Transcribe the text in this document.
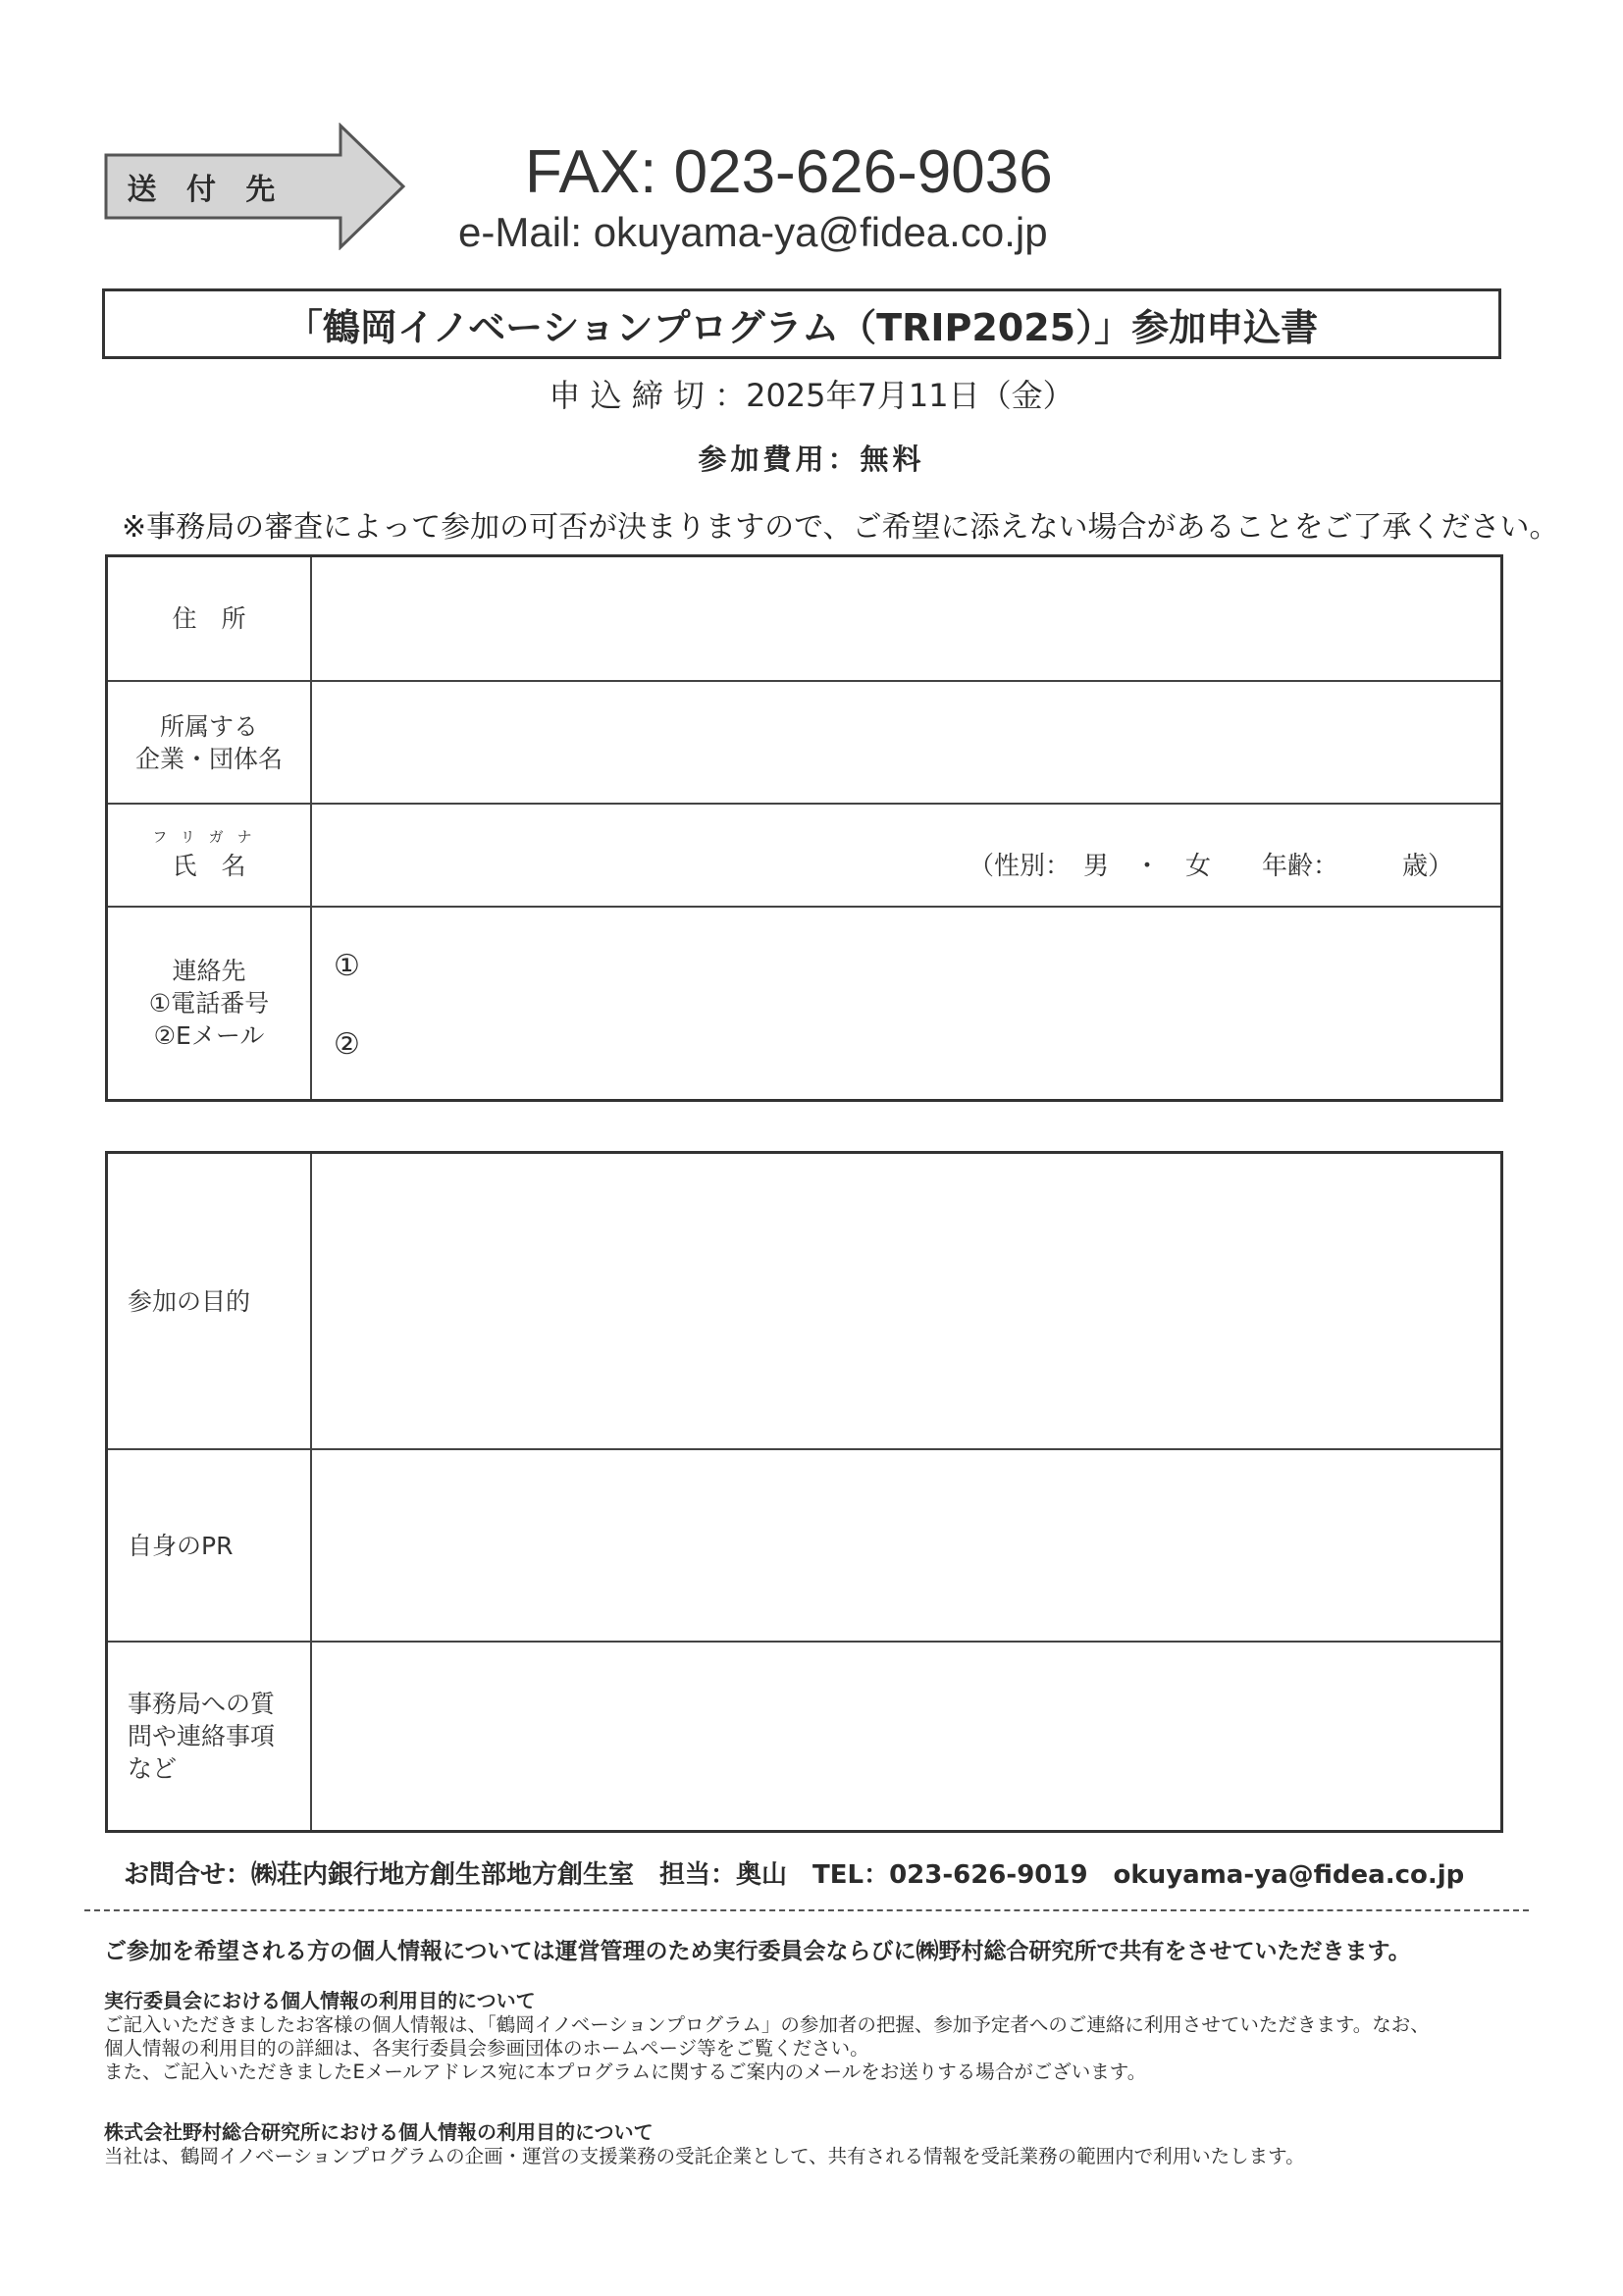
送 付 先	FAX: 023-626-9036
e-Mail: okuyama-ya@fidea.co.jp
「鶴岡イノベーションプログラム（TRIP2025）」参加申込書
申 込 締 切 ：2025年7月11日（金）
参加費用：無料
※事務局の審査によって参加の可否が決まりますので、ご希望に添えない場合があることをご了承ください。
住　所
所属する
企業・団体名
フリガナ
氏　名	（性別：　男　・　女　　年齢：　　　歳）
連絡先
①電話番号
②Eメール
①
②
参加の目的
自身のPR
事務局への質
問や連絡事項
など
お問合せ：㈱荘内銀行地方創生部地方創生室　担当：奥山　TEL：023-626-9019　okuyama-ya@fidea.co.jp
ご参加を希望される方の個人情報については運営管理のため実行委員会ならびに㈱野村総合研究所で共有をさせていただきます。
実行委員会における個人情報の利用目的について
ご記入いただきましたお客様の個人情報は、「鶴岡イノベーションプログラム」の参加者の把握、参加予定者へのご連絡に利用させていただきます。なお、
個人情報の利用目的の詳細は、各実行委員会参画団体のホームページ等をご覧ください。
また、ご記入いただきましたEメールアドレス宛に本プログラムに関するご案内のメールをお送りする場合がございます。
株式会社野村総合研究所における個人情報の利用目的について
当社は、鶴岡イノベーションプログラムの企画・運営の支援業務の受託企業として、共有される情報を受託業務の範囲内で利用いたします。
